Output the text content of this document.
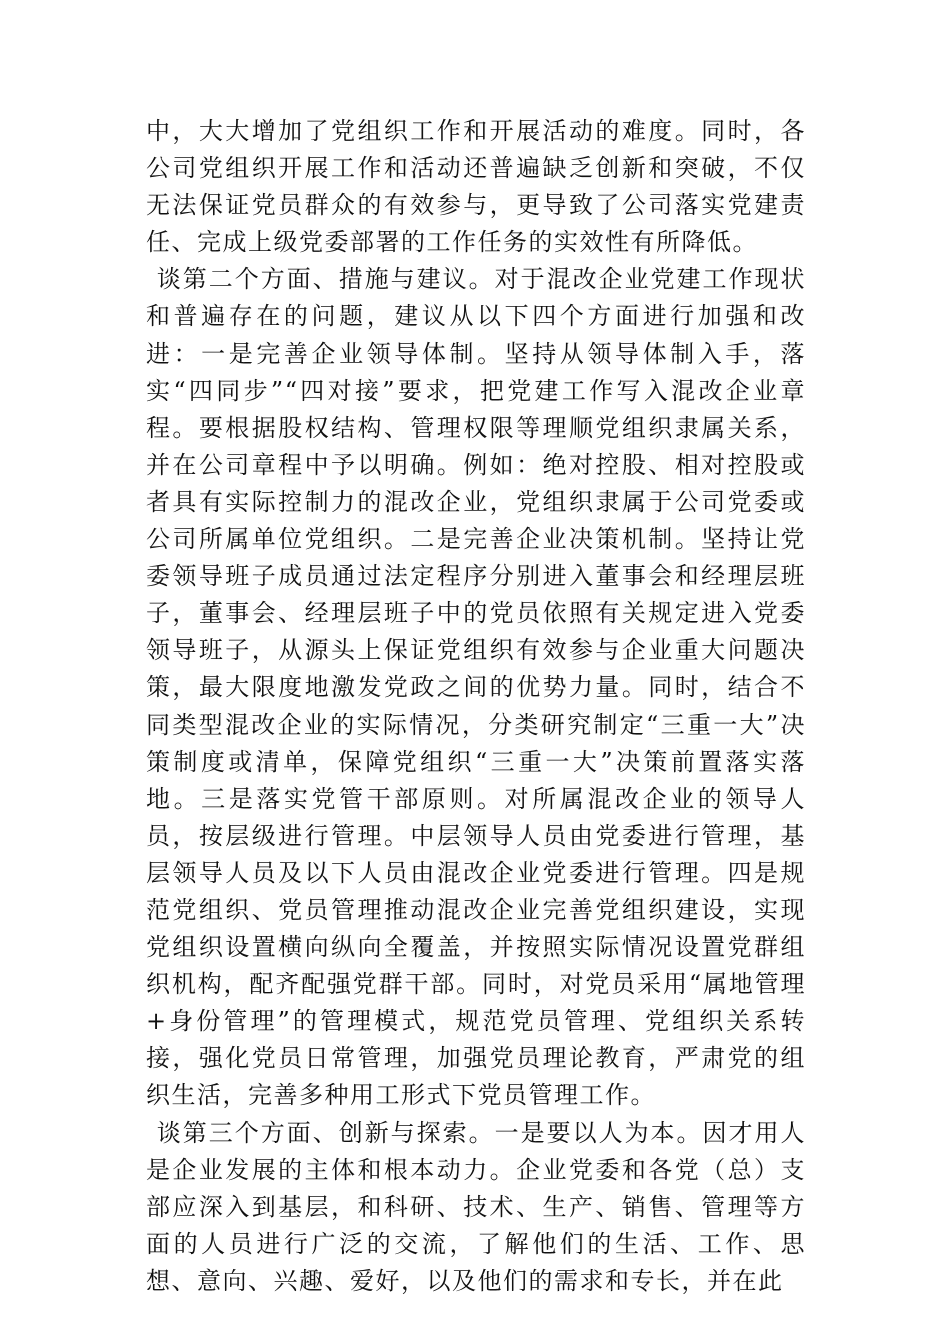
中，大大增加了党组织工作和开展活动的难度。同时，各公司党组织开展工作和活动还普遍缺乏创新和突破，不仅无法保证党员群众的有效参与，更导致了公司落实党建责任、完成上级党委部署的工作任务的实效性有所降低。

谈第二个方面、措施与建议。对于混改企业党建工作现状和普遍存在的问题，建议从以下四个方面进行加强和改进：一是完善企业领导体制。坚持从领导体制入手，落实“四同步”“四对接”要求，把党建工作写入混改企业章程。要根据股权结构、管理权限等理顺党组织隶属关系，并在公司章程中予以明确。例如：绝对控股、相对控股或者具有实际控制力的混改企业，党组织隶属于公司党委或公司所属单位党组织。二是完善企业决策机制。坚持让党委领导班子成员通过法定程序分别进入董事会和经理层班子，董事会、经理层班子中的党员依照有关规定进入党委领导班子，从源头上保证党组织有效参与企业重大问题决策，最大限度地激发党政之间的优势力量。同时，结合不同类型混改企业的实际情况，分类研究制定“三重一大”决策制度或清单，保障党组织“三重一大”决策前置落实落地。三是落实党管干部原则。对所属混改企业的领导人员，按层级进行管理。中层领导人员由党委进行管理，基层领导人员及以下人员由混改企业党委进行管理。四是规范党组织、党员管理推动混改企业完善党组织建设，实现党组织设置横向纵向全覆盖，并按照实际情况设置党群组织机构，配齐配强党群干部。同时，对党员采用“属地管理+身份管理”的管理模式，规范党员管理、党组织关系转接，强化党员日常管理，加强党员理论教育，严肃党的组织生活，完善多种用工形式下党员管理工作。

谈第三个方面、创新与探索。一是要以人为本。因才用人是企业发展的主体和根本动力。企业党委和各党（总）支部应深入到基层，和科研、技术、生产、销售、管理等方面的人员进行广泛的交流，了解他们的生活、工作、思想、意向、兴趣、爱好，以及他们的需求和专长，并在此
